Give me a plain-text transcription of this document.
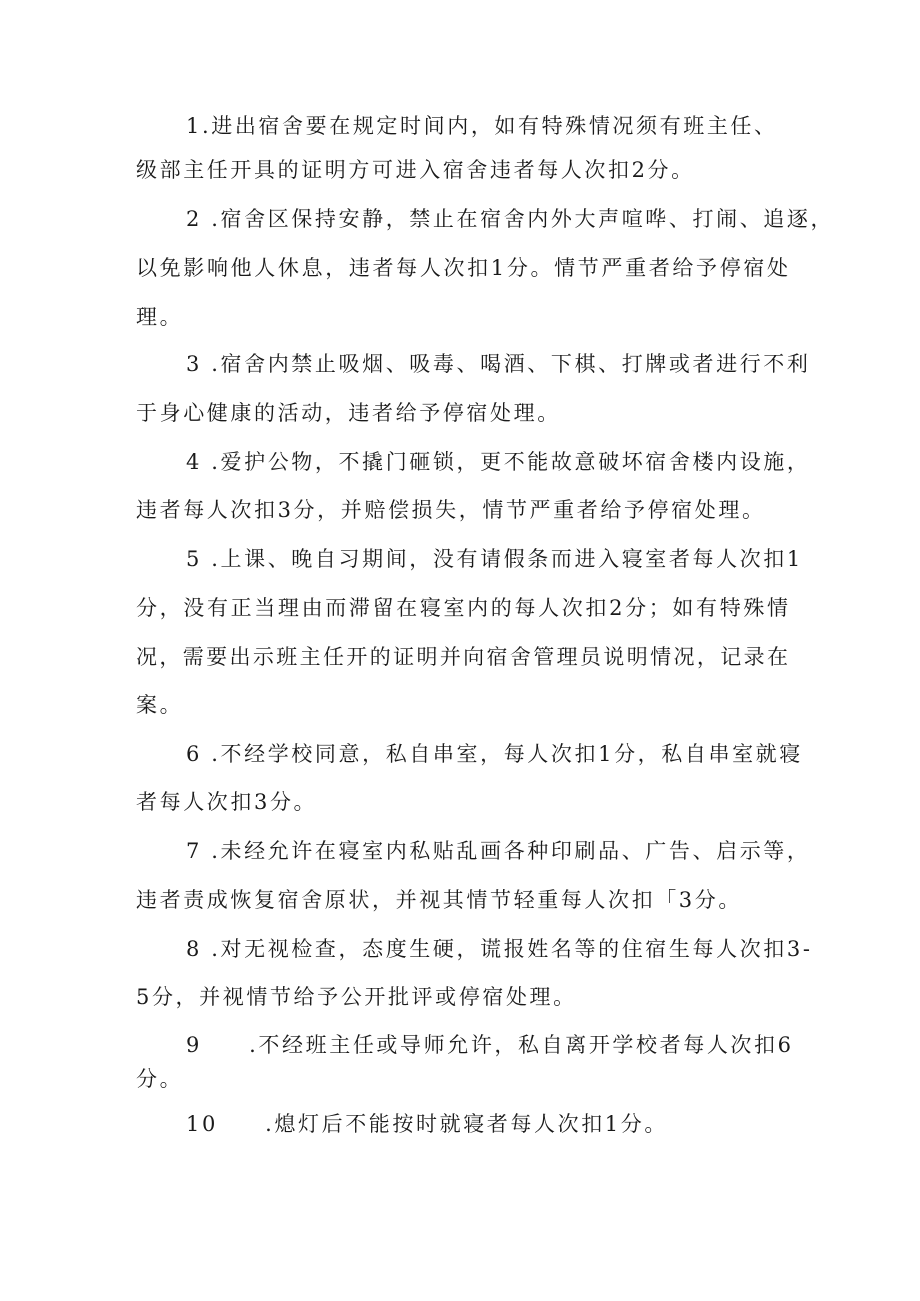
1.进出宿舍要在规定时间内，如有特殊情况须有班主任、
级部主任开具的证明方可进入宿舍违者每人次扣2分。
2 .宿舍区保持安静，禁止在宿舍内外大声喧哗、打闹、追逐，
以免影响他人休息，违者每人次扣1分。情节严重者给予停宿处
理。
3 .宿舍内禁止吸烟、吸毒、喝酒、下棋、打牌或者进行不利
于身心健康的活动，违者给予停宿处理。
4 .爱护公物，不撬门砸锁，更不能故意破坏宿舍楼内设施，
违者每人次扣3分，并赔偿损失，情节严重者给予停宿处理。
5 .上课、晚自习期间，没有请假条而进入寝室者每人次扣1
分，没有正当理由而滞留在寝室内的每人次扣2分；如有特殊情
况，需要出示班主任开的证明并向宿舍管理员说明情况，记录在
案。
6 .不经学校同意，私自串室，每人次扣1分，私自串室就寝
者每人次扣3分。
7 .未经允许在寝室内私贴乱画各种印刷品、广告、启示等，
违者责成恢复宿舍原状，并视其情节轻重每人次扣「3分。
8 .对无视检查，态度生硬，谎报姓名等的住宿生每人次扣3-
5分，并视情节给予公开批评或停宿处理。
9　　.不经班主任或导师允许，私自离开学校者每人次扣6
分。
10　　.熄灯后不能按时就寝者每人次扣1分。
